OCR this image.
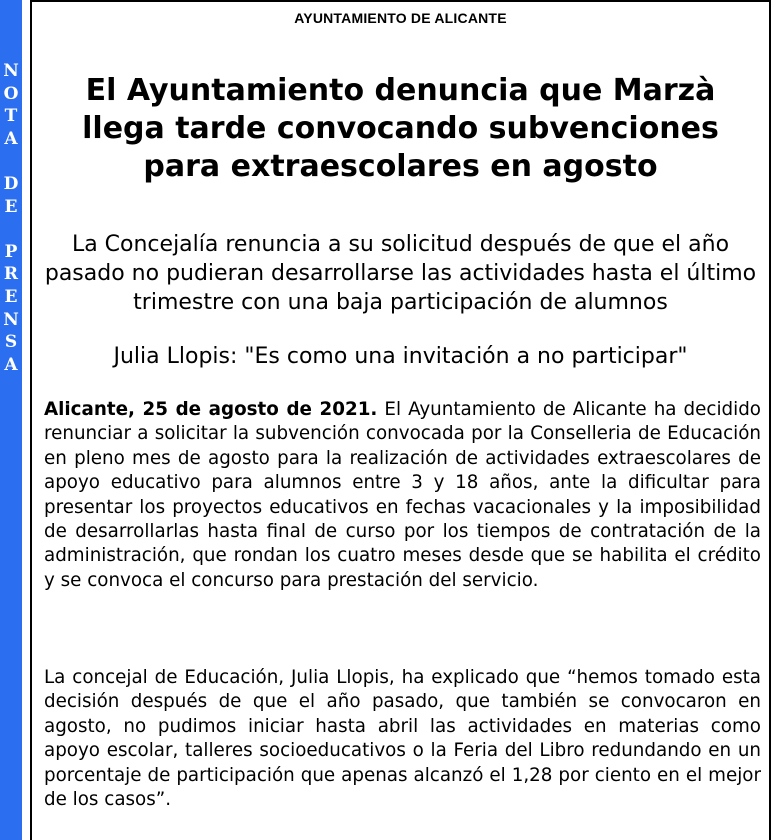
N
O
T
A
D
E
P
R
E
N
S
A
AYUNTAMIENTO DE ALICANTE
El Ayuntamiento denuncia que Marzà llega tarde convocando subvenciones para extraescolares en agosto
La Concejalía renuncia a su solicitud después de que el año pasado no pudieran desarrollarse las actividades hasta el último trimestre con una baja participación de alumnos
Julia Llopis: "Es como una invitación a no participar"
Alicante, 25 de agosto de 2021. El Ayuntamiento de Alicante ha decidido renunciar a solicitar la subvención convocada por la Conselleria de Educación en pleno mes de agosto para la realización de actividades extraescolares de apoyo educativo para alumnos entre 3 y 18 años, ante la dificultar para presentar los proyectos educativos en fechas vacacionales y la imposibilidad de desarrollarlas hasta final de curso por los tiempos de contratación de la administración, que rondan los cuatro meses desde que se habilita el crédito y se convoca el concurso para prestación del servicio.
La concejal de Educación, Julia Llopis, ha explicado que “hemos tomado esta decisión después de que el año pasado, que también se convocaron en agosto, no pudimos iniciar hasta abril las actividades en materias como apoyo escolar, talleres socioeducativos o la Feria del Libro redundando en un porcentaje de participación que apenas alcanzó el 1,28 por ciento en el mejor de los casos”.
